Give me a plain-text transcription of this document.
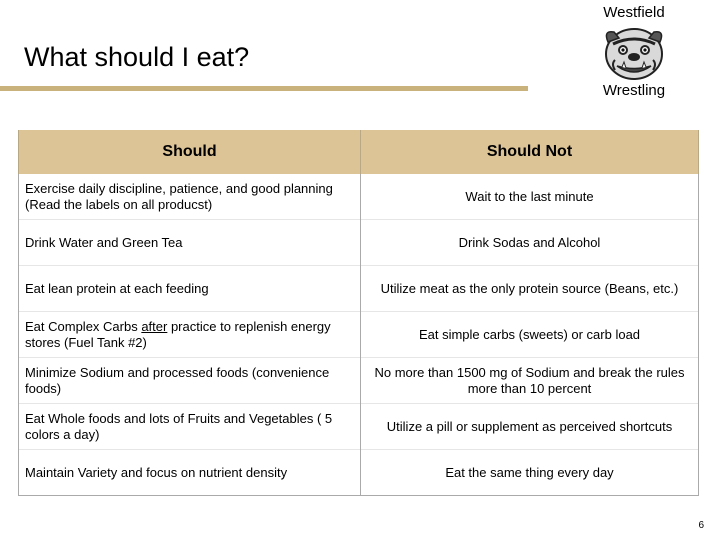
What should I eat?
Westfield
Wrestling
Should	Should Not
Exercise daily discipline, patience, and good planning (Read the labels on all producst)	Wait to the last minute
Drink Water and Green Tea	Drink Sodas and Alcohol
Eat lean protein at each feeding	Utilize meat as the only protein source (Beans, etc.)
Eat Complex Carbs after practice to replenish energy stores (Fuel Tank #2)	Eat simple carbs (sweets) or carb load
Minimize Sodium and processed foods (convenience foods)	No more than 1500 mg of Sodium and break the rules more than 10 percent
Eat Whole foods and lots of Fruits and Vegetables ( 5 colors a day)	Utilize a pill or supplement as perceived shortcuts
Maintain Variety and focus on nutrient density	Eat the same thing every day
6
